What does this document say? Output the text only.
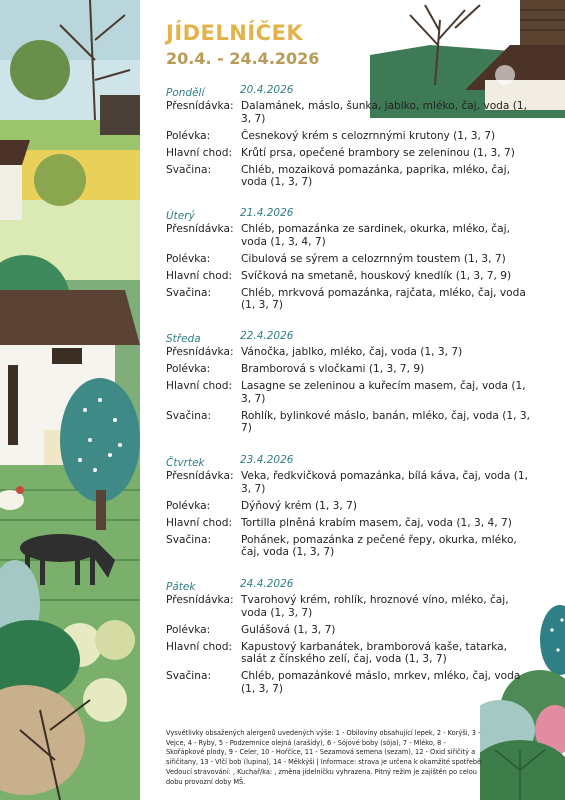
JÍDELNÍČEK
20.4. - 24.4.2026
Pondělí	20.4.2026
Přesnídávka: Dalamánek, máslo, šunka, jablko, mléko, čaj, voda (1, 3, 7)
Polévka:	Česnekový krém s celozrnnými krutony (1, 3, 7)
Hlavní chod: Krůtí prsa, opečené brambory se zeleninou (1, 3, 7)
Svačina:	Chléb, mozaiková pomazánka, paprika, mléko, čaj, voda (1, 3, 7)
Úterý	21.4.2026
Přesnídávka: Chléb, pomazánka ze sardinek, okurka, mléko, čaj, voda (1, 3, 4, 7)
Polévka:	Cibulová se sýrem a celozrnným toustem (1, 3, 7)
Hlavní chod: Svíčková na smetaně, houskový knedlík (1, 3, 7, 9)
Svačina:	Chléb, mrkvová pomazánka, rajčata, mléko, čaj, voda (1, 3, 7)
Středa	22.4.2026
Přesnídávka: Vánočka, jablko, mléko, čaj, voda (1, 3, 7)
Polévka:	Bramborová s vločkami (1, 3, 7, 9)
Hlavní chod: Lasagne se zeleninou a kuřecím masem, čaj, voda (1, 3, 7)
Svačina:	Rohlík, bylinkové máslo, banán, mléko, čaj, voda (1, 3, 7)
Čtvrtek	23.4.2026
Přesnídávka: Veka, ředkvičková pomazánka, bílá káva, čaj, voda (1, 3, 7)
Polévka:	Dýňový krém (1, 3, 7)
Hlavní chod: Tortilla plněná krabím masem, čaj, voda (1, 3, 4, 7)
Svačina:	Pohánek, pomazánka z pečené řepy, okurka, mléko, čaj, voda (1, 3, 7)
Pátek	24.4.2026
Přesnídávka: Tvarohový krém, rohlík, hroznové víno, mléko, čaj, voda (1, 3, 7)
Polévka:	Gulášová (1, 3, 7)
Hlavní chod: Kapustový karbanátek, bramborová kaše, tatarka, salát z čínského zelí, čaj, voda (1, 3, 7)
Svačina:	Chléb, pomazánkové máslo, mrkev, mléko, čaj, voda (1, 3, 7)
Vysvětlivky obsažených alergenů uvedených výše: 1 - Obiloviny obsahující lepek, 2 - Korýši, 3 - Vejce, 4 - Ryby, 5 - Podzemnice olejná (arašídy), 6 - Sójové boby (sója), 7 - Mléko, 8 - Skořápkové plody, 9 - Celer, 10 - Hořčice, 11 - Sezamová semena (sezam), 12 - Oxid siřičitý a siřičitany, 13 - Vlčí bob (lupina), 14 - Měkkýši | Informace: strava je určena k okamžité spotřebě. Vedoucí stravování: , Kuchař/ka: , změna jídelníčku vyhrazena. Pitný režim je zajištěn po celou dobu provozní doby MŠ.
